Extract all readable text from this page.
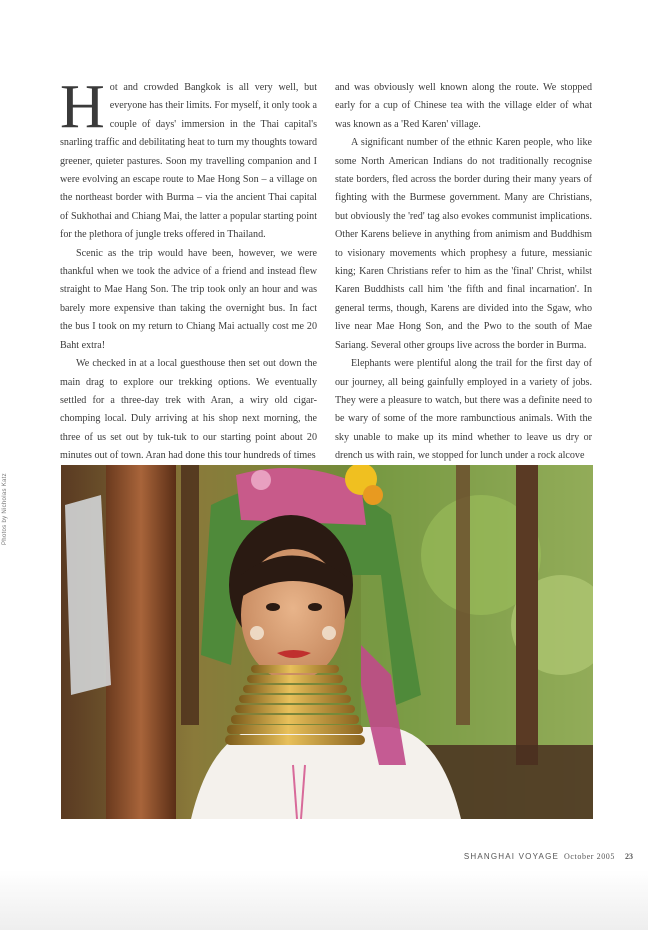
Hot and crowded Bangkok is all very well, but everyone has their limits. For myself, it only took a couple of days' immersion in the Thai capital's snarling traffic and debilitating heat to turn my thoughts toward greener, quieter pastures. Soon my travelling companion and I were evolving an escape route to Mae Hong Son – a village on the northeast border with Burma – via the ancient Thai capital of Sukhothai and Chiang Mai, the latter a popular starting point for the plethora of jungle treks offered in Thailand.

Scenic as the trip would have been, however, we were thankful when we took the advice of a friend and instead flew straight to Mae Hang Son. The trip took only an hour and was barely more expensive than taking the overnight bus. In fact the bus I took on my return to Chiang Mai actually cost me 20 Baht extra!

We checked in at a local guesthouse then set out down the main drag to explore our trekking options. We eventually settled for a three-day trek with Aran, a wiry old cigar-chomping local. Duly arriving at his shop next morning, the three of us set out by tuk-tuk to our starting point about 20 minutes out of town. Aran had done this tour hundreds of times

and was obviously well known along the route. We stopped early for a cup of Chinese tea with the village elder of what was known as a 'Red Karen' village.

A significant number of the ethnic Karen people, who like some North American Indians do not traditionally recognise state borders, fled across the border during their many years of fighting with the Burmese government. Many are Christians, but obviously the 'red' tag also evokes communist implications. Other Karens believe in anything from animism and Buddhism to visionary movements which prophesy a future, messianic king; Karen Christians refer to him as the 'final' Christ, whilst Karen Buddhists call him 'the fifth and final incarnation'. In general terms, though, Karens are divided into the Sgaw, who live near Mae Hong Son, and the Pwo to the south of Mae Sariang. Several other groups live across the border in Burma.

Elephants were plentiful along the trail for the first day of our journey, all being gainfully employed in a variety of jobs. They were a pleasure to watch, but there was a definite need to be wary of some of the more rambunctious animals. With the sky unable to make up its mind whether to leave us dry or drench us with rain, we stopped for lunch under a rock alcove

Photos by Nicholas Katz
SHANGHAI VOYAGE October 2005 23
